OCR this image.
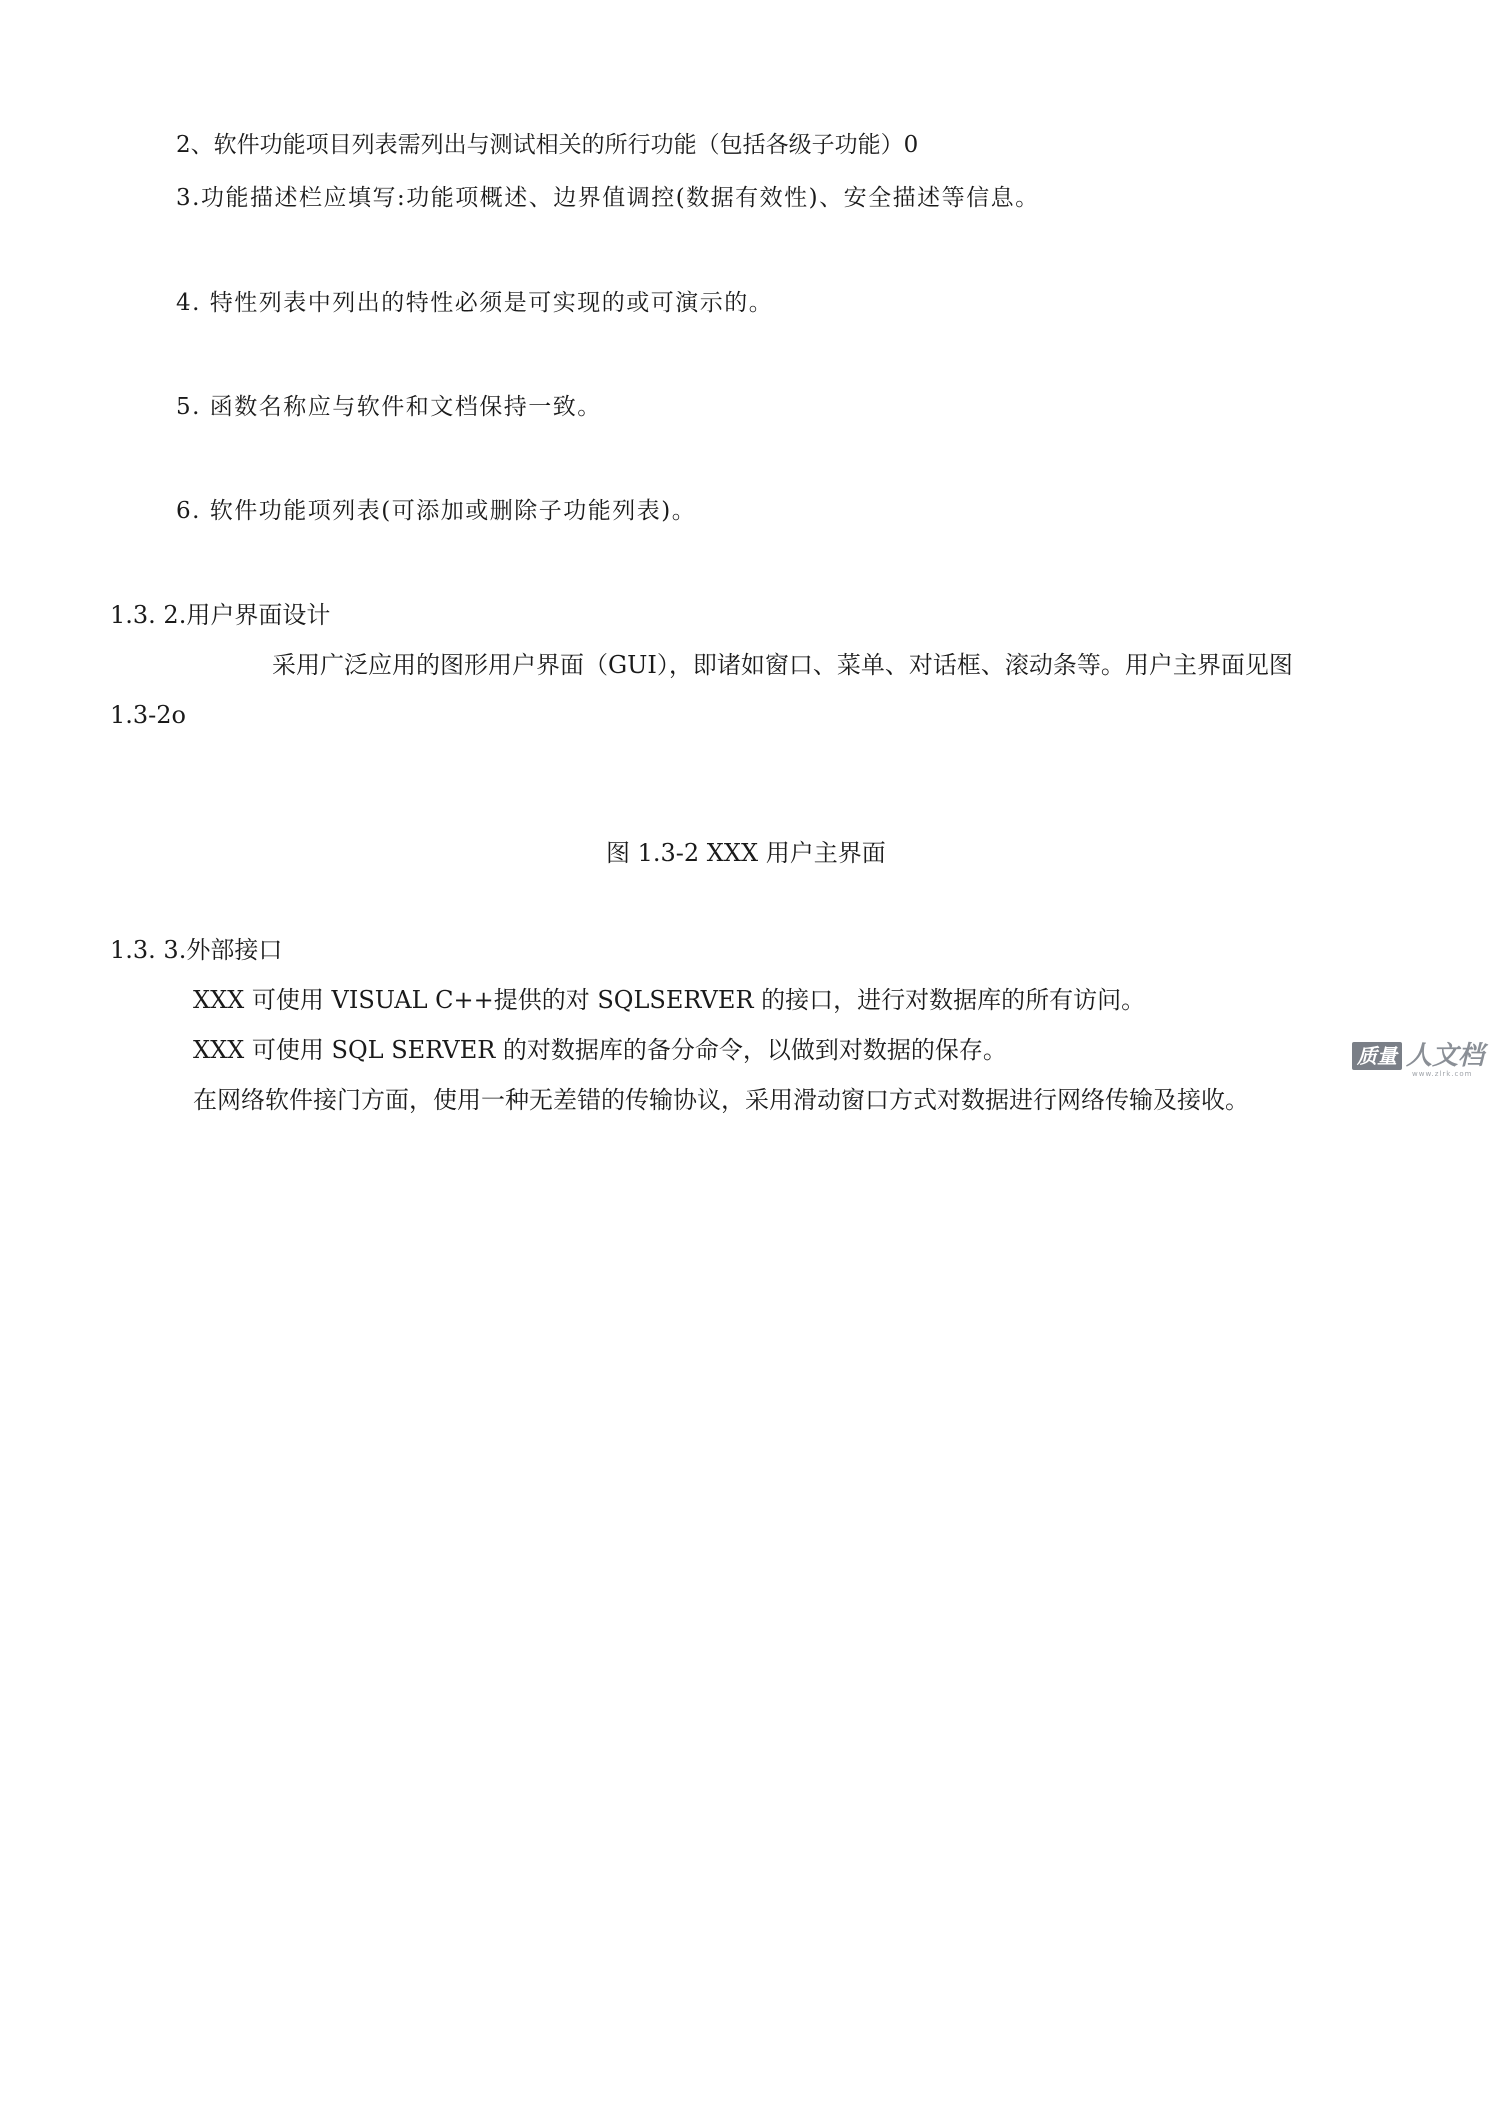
2、软件功能项目列表需列出与测试相关的所行功能（包括各级子功能）0
3.功能描述栏应填写:功能项概述、边界值调控(数据有效性)、安全描述等信息。
4. 特性列表中列出的特性必须是可实现的或可演示的。
5. 函数名称应与软件和文档保持一致。
6. 软件功能项列表(可添加或删除子功能列表)。
1.3. 2.用户界面设计
采用广泛应用的图形用户界面（GUI），即诸如窗口、菜单、对话框、滚动条等。用户主界面见图
1.3-2o
图 1.3-2 XXX 用户主界面
1.3. 3.外部接口
XXX 可使用 VISUAL C++提供的对 SQLSERVER 的接口，进行对数据库的所有访问。
XXX 可使用 SQL SERVER 的对数据库的备分命令，以做到对数据的保存。
在网络软件接门方面，使用一种无差错的传输协议，采用滑动窗口方式对数据进行网络传输及接收。
质量 人文档
www.zlrk.com
